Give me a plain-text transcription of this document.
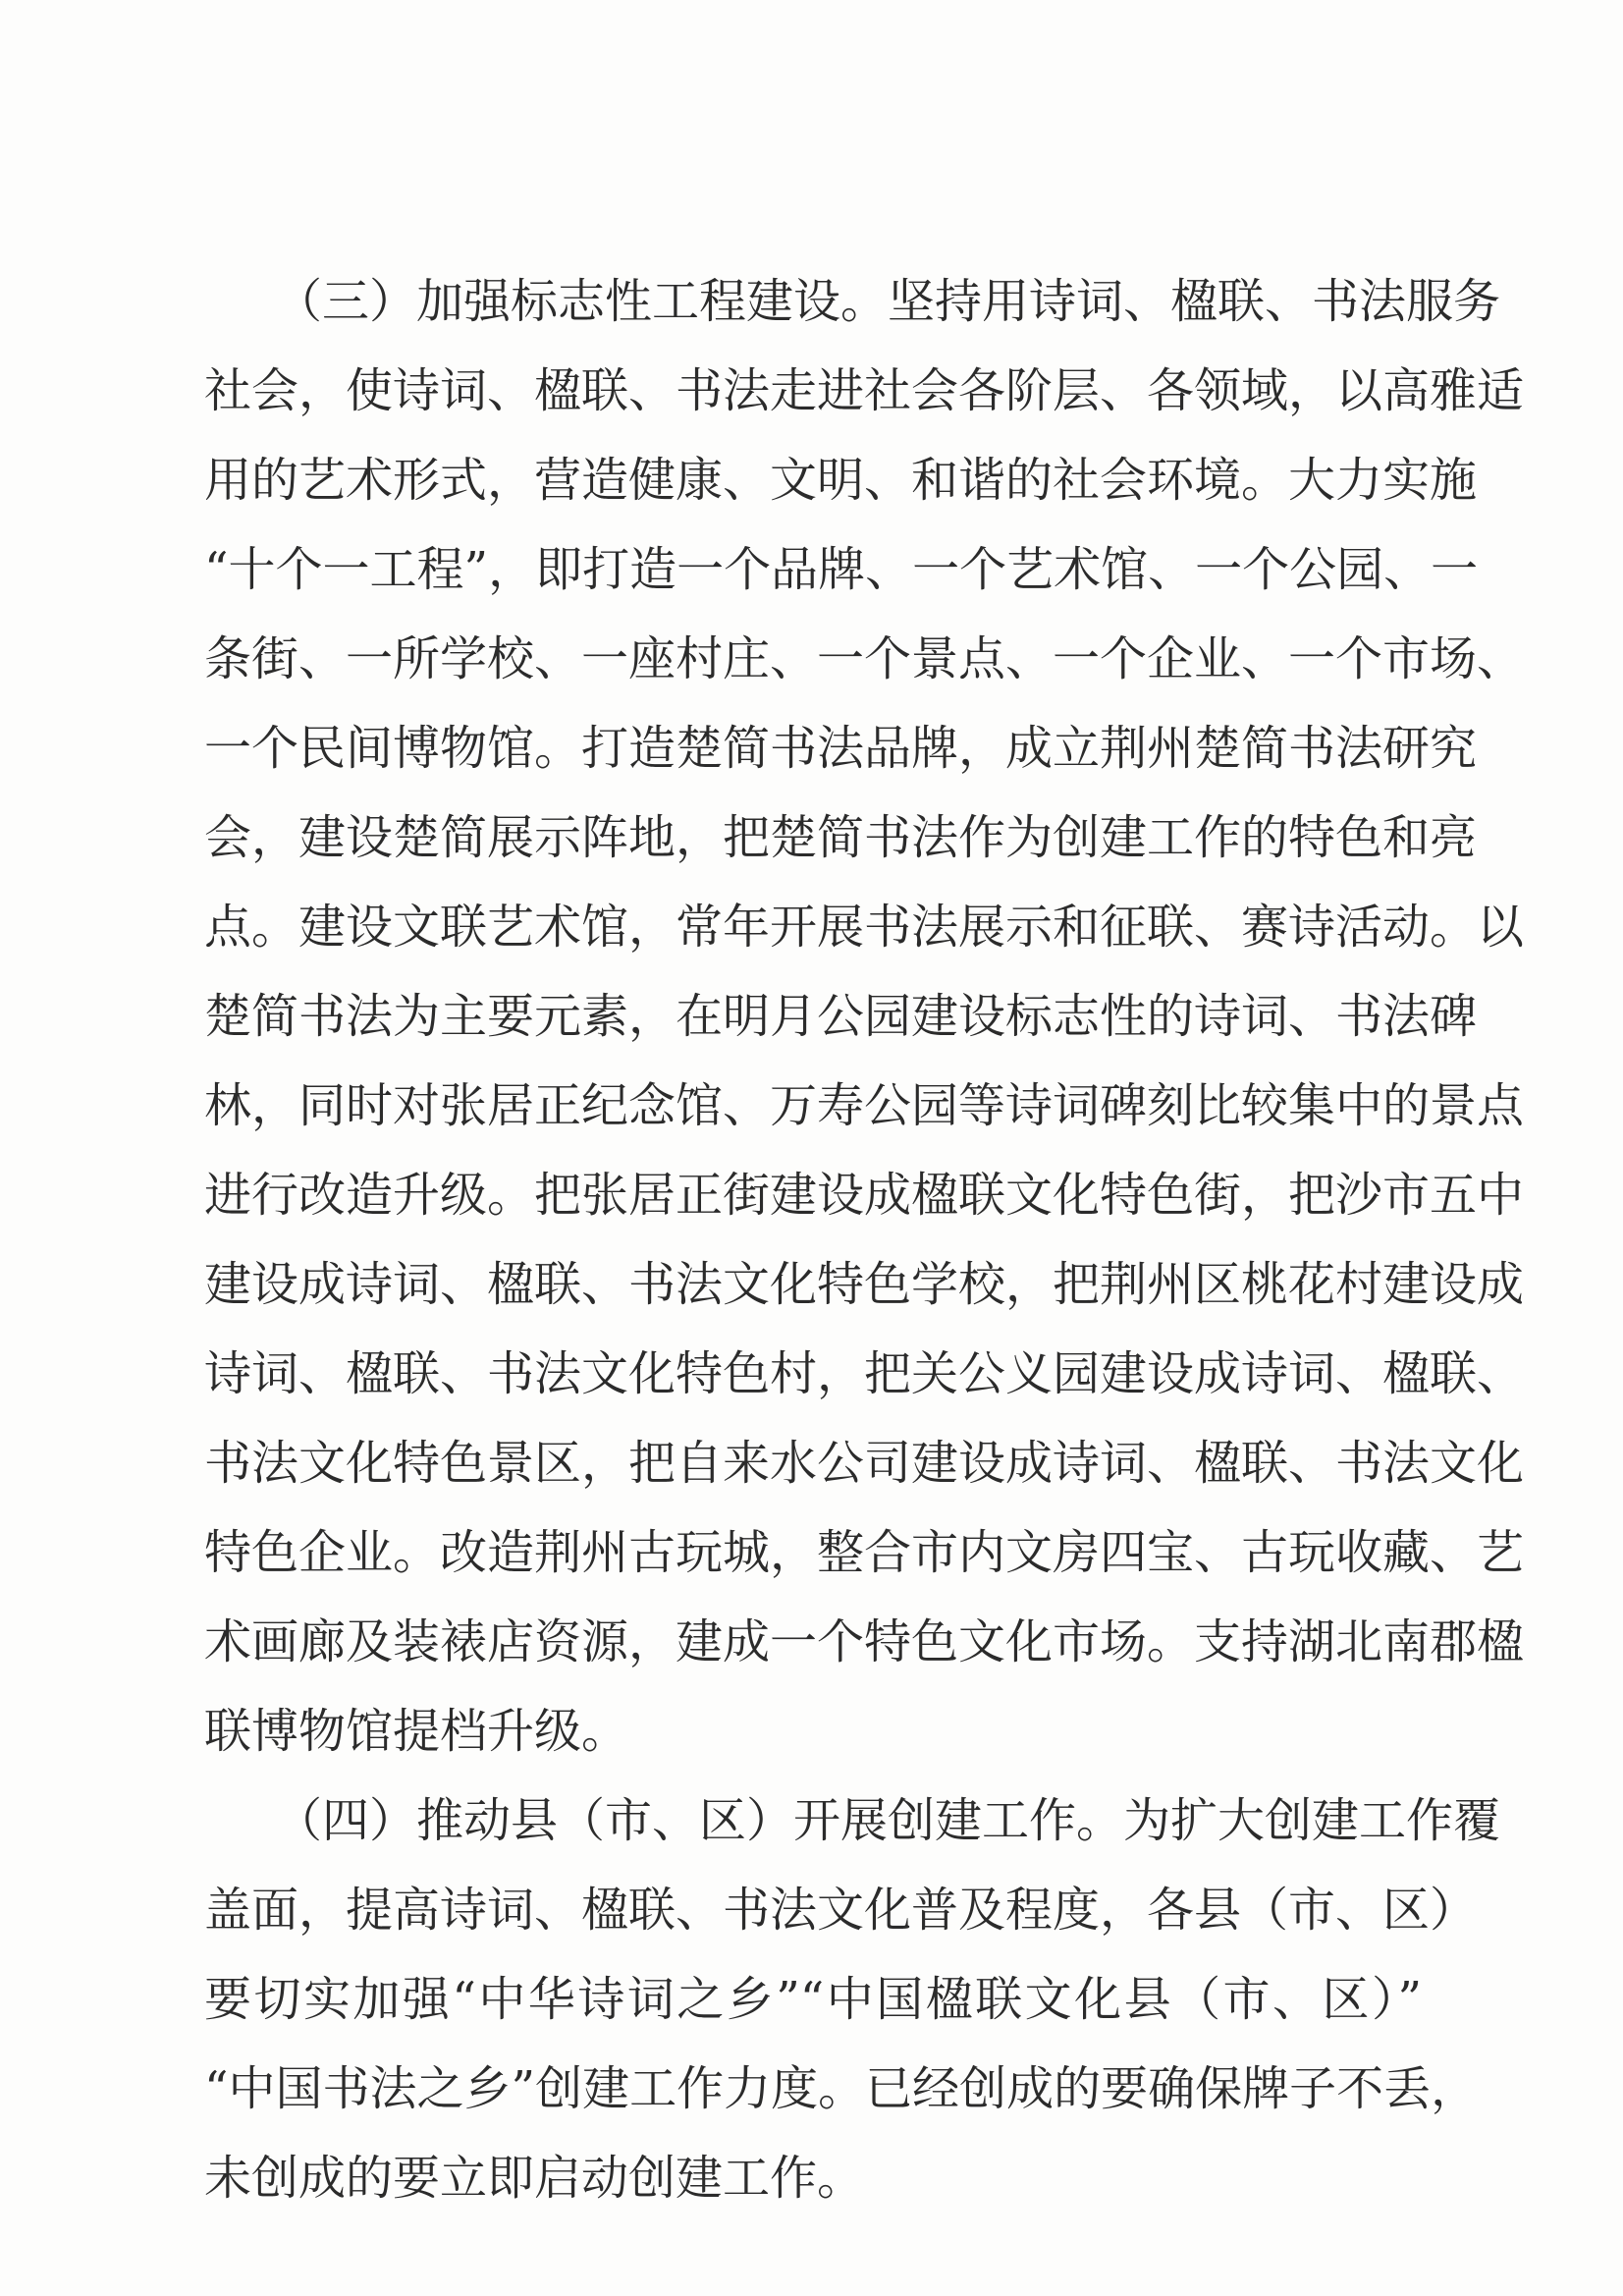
（三）加强标志性工程建设。坚持用诗词、楹联、书法服务
社会，使诗词、楹联、书法走进社会各阶层、各领域，以高雅适
用的艺术形式，营造健康、文明、和谐的社会环境。大力实施
“十个一工程”，即打造一个品牌、一个艺术馆、一个公园、一
条街、一所学校、一座村庄、一个景点、一个企业、一个市场、
一个民间博物馆。打造楚简书法品牌，成立荆州楚简书法研究
会，建设楚简展示阵地，把楚简书法作为创建工作的特色和亮
点。建设文联艺术馆，常年开展书法展示和征联、赛诗活动。以
楚简书法为主要元素，在明月公园建设标志性的诗词、书法碑
林，同时对张居正纪念馆、万寿公园等诗词碑刻比较集中的景点
进行改造升级。把张居正街建设成楹联文化特色街，把沙市五中
建设成诗词、楹联、书法文化特色学校，把荆州区桃花村建设成
诗词、楹联、书法文化特色村，把关公义园建设成诗词、楹联、
书法文化特色景区，把自来水公司建设成诗词、楹联、书法文化
特色企业。改造荆州古玩城，整合市内文房四宝、古玩收藏、艺
术画廊及装裱店资源，建成一个特色文化市场。支持湖北南郡楹
联博物馆提档升级。
（四）推动县（市、区）开展创建工作。为扩大创建工作覆
盖面，提高诗词、楹联、书法文化普及程度，各县（市、区）
要切实加强“中华诗词之乡”“中国楹联文化县（市、区）”
“中国书法之乡”创建工作力度。已经创成的要确保牌子不丢，
未创成的要立即启动创建工作。
